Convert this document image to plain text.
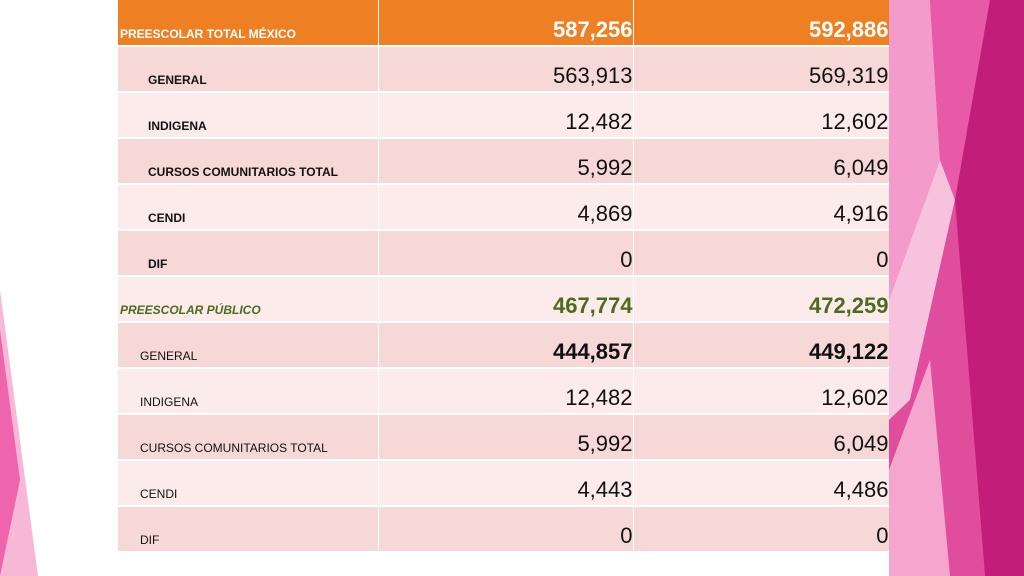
PREESCOLAR TOTAL MÉXICO	587,256	592,886
GENERAL	563,913	569,319
INDIGENA	12,482	12,602
CURSOS COMUNITARIOS TOTAL	5,992	6,049
CENDI	4,869	4,916
DIF	0	0
PREESCOLAR PÚBLICO	467,774	472,259
GENERAL	444,857	449,122
INDIGENA	12,482	12,602
CURSOS COMUNITARIOS TOTAL	5,992	6,049
CENDI	4,443	4,486
DIF	0	0
